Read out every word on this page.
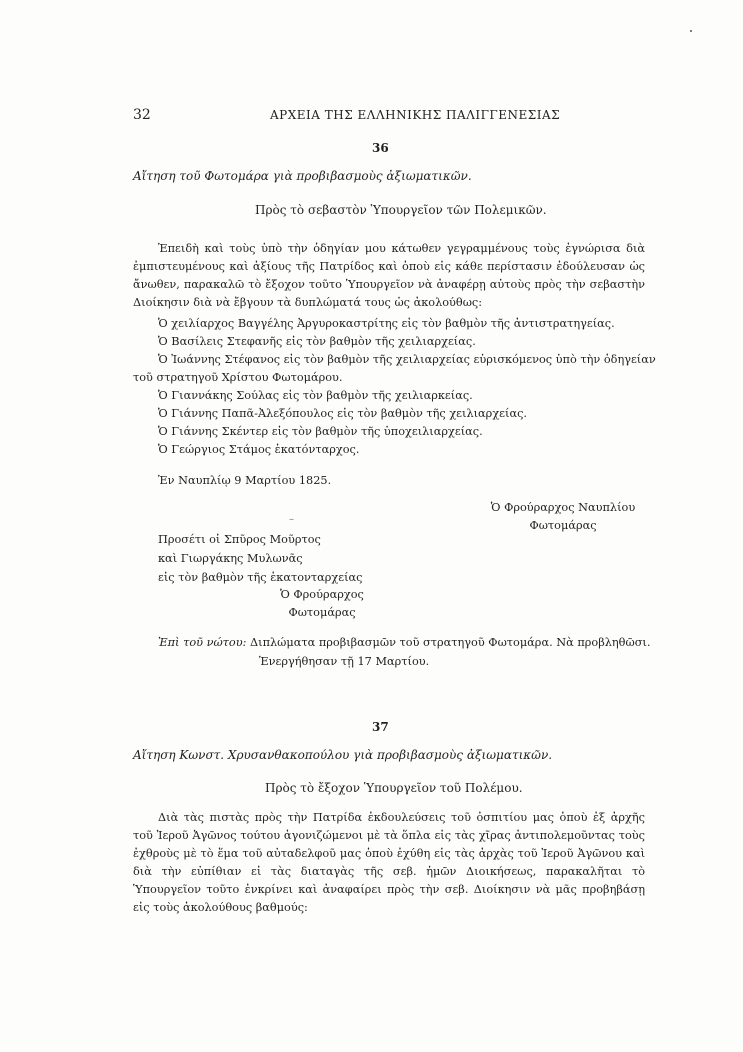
32	ΑΡΧΕΙΑ ΤΗΣ ΕΛΛΗΝΙΚΗΣ ΠΑΛΙΓΓΕΝΕΣΙΑΣ
36
Αἴτηση τοῦ Φωτομάρα γιὰ προβιβασμοὺς ἀξιωματικῶν.
Πρὸς τὸ σεβαστὸν Ὑπουργεῖον τῶν Πολεμικῶν.

Ἐπειδὴ καὶ τοὺς ὑπὸ τὴν ὁδηγίαν μου κάτωθεν γεγραμμένους τοὺς ἐγνώρισα διὰ ἐμπιστευμένους καὶ ἀξίους τῆς Πατρίδος καὶ ὁποὺ εἰς κάθε περίστασιν ἐδούλευσαν ὡς ἄνωθεν, παρακαλῶ τὸ ἔξοχον τοῦτο Ὑπουργεῖον νὰ ἀναφέρῃ αὐτοὺς πρὸς τὴν σεβαστὴν Διοίκησιν διὰ νὰ ἔβγουν τὰ δυπλώματά τους ὡς ἀκολούθως:

Ὁ χειλίαρχος Βαγγέλης Ἀργυροκαστρίτης εἰς τὸν βαθμὸν τῆς ἀντιστρατηγείας.
Ὁ Βασίλεις Στεφανῆς εἰς τὸν βαθμὸν τῆς χειλιαρχείας.
Ὁ Ἰωάννης Στέφανος εἰς τὸν βαθμὸν τῆς χειλιαρχείας εὑρισκόμενος ὑπὸ τὴν ὁδηγείαν
τοῦ στρατηγοῦ Χρίστου Φωτομάρου.
Ὁ Γιαννάκης Σούλας εἰς τὸν βαθμὸν τῆς χειλιαρκείας.
Ὁ Γιάννης Παπᾶ-Ἀλεξόπουλος εἰς τὸν βαθμὸν τῆς χειλιαρχείας.
Ὁ Γιάννης Σκέντερ εἰς τὸν βαθμὸν τῆς ὑποχειλιαρχείας.
Ὁ Γεώργιος Στάμος ἑκατόνταρχος.
Ἐν Ναυπλίῳ 9 Μαρτίου 1825.
Ὁ Φρούραρχος Ναυπλίου
Φωτομάρας
–
Προσέτι οἱ Σπῦρος Μοῦρτος
καὶ Γιωργάκης Μυλωνᾶς
εἰς τὸν βαθμὸν τῆς ἑκατονταρχείας
Ὁ Φρούραρχος
Φωτομάρας
Ἐπὶ τοῦ νώτου: Διπλώματα προβιβασμῶν τοῦ στρατηγοῦ Φωτομάρα. Νὰ προβληθῶσι.
Ἐνεργήθησαν τῇ 17 Μαρτίου.
37
Αἴτηση Κωνστ. Χρυσανθακοπούλου γιὰ προβιβασμοὺς ἀξιωματικῶν.
Πρὸς τὸ ἔξοχον Ὑπουργεῖον τοῦ Πολέμου.

Διὰ τὰς πιστὰς πρὸς τὴν Πατρίδα ἐκδουλεύσεις τοῦ ὀσπιτίου μας ὁποὺ ἐξ ἀρχῆς τοῦ Ἱεροῦ Ἀγῶνος τούτου ἀγονιζώμενοι μὲ τὰ ὅπλα εἰς τὰς χῖρας ἀντιπολεμοῦντας τοὺς ἐχθροὺς μὲ τὸ ἕμα τοῦ αὐταδελφοῦ μας ὁποὺ ἐχύθη εἰς τὰς ἀρχὰς τοῦ Ἱεροῦ Ἀγῶνου καὶ διὰ τὴν εὐπίθιαν εἰ τὰς διαταγὰς τῆς σεβ. ἡμῶν Διοικήσεως, παρακαλῆται τὸ Ὑπουργεῖον τοῦτο ἐνκρίνει καὶ ἀναφαίρει πρὸς τὴν σεβ. Διοίκησιν νὰ μᾶς προβηβάσῃ εἰς τοὺς ἀκολούθους βαθμούς:
